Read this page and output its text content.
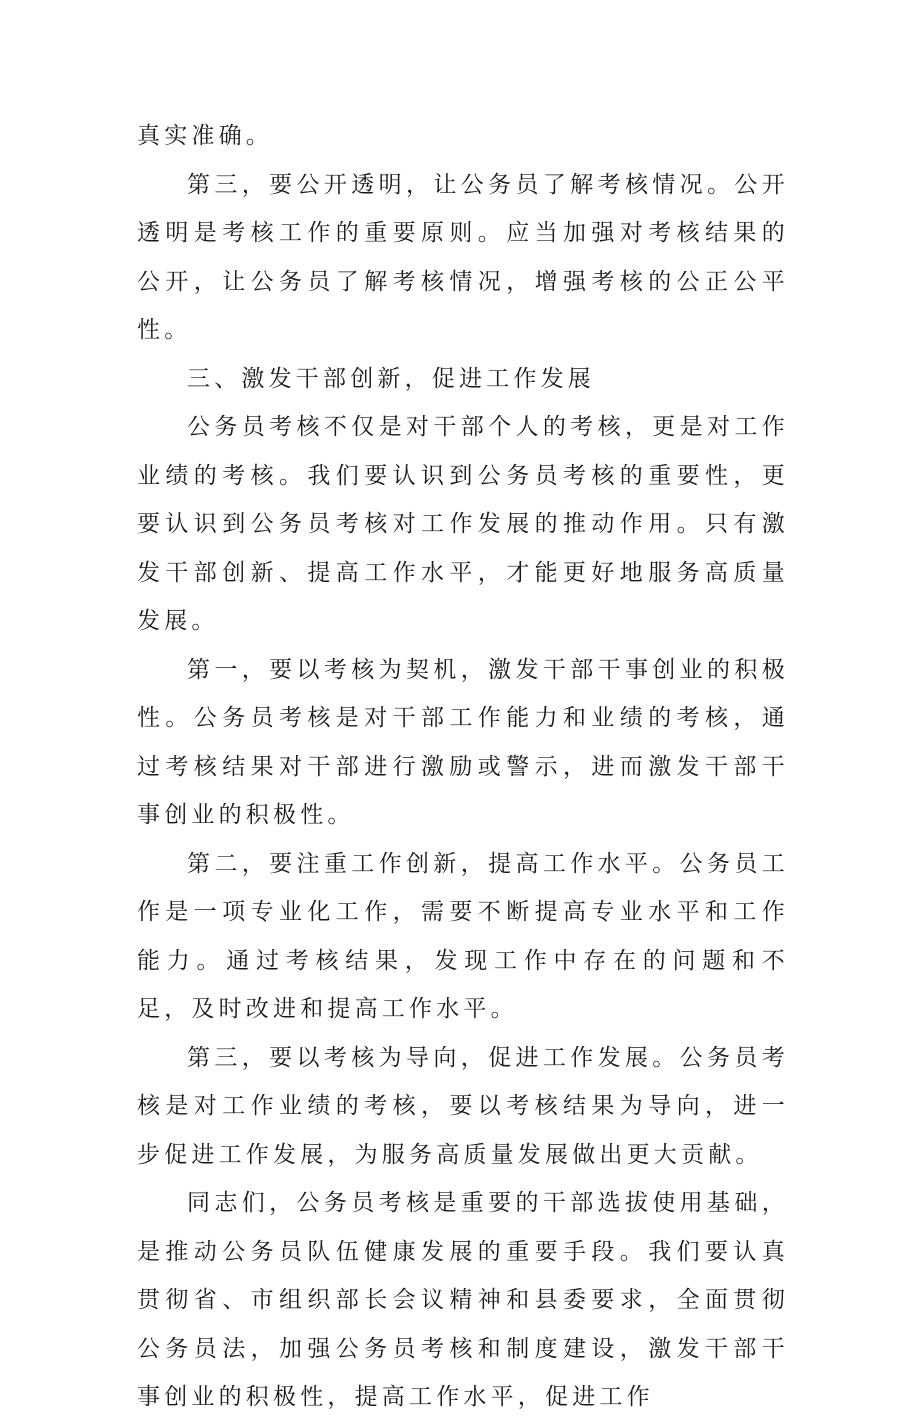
真实准确。

第三，要公开透明，让公务员了解考核情况。公开透明是考核工作的重要原则。应当加强对考核结果的公开，让公务员了解考核情况，增强考核的公正公平性。

三、激发干部创新，促进工作发展

公务员考核不仅是对干部个人的考核，更是对工作业绩的考核。我们要认识到公务员考核的重要性，更要认识到公务员考核对工作发展的推动作用。只有激发干部创新、提高工作水平，才能更好地服务高质量发展。

第一，要以考核为契机，激发干部干事创业的积极性。公务员考核是对干部工作能力和业绩的考核，通过考核结果对干部进行激励或警示，进而激发干部干事创业的积极性。

第二，要注重工作创新，提高工作水平。公务员工作是一项专业化工作，需要不断提高专业水平和工作能力。通过考核结果，发现工作中存在的问题和不足，及时改进和提高工作水平。

第三，要以考核为导向，促进工作发展。公务员考核是对工作业绩的考核，要以考核结果为导向，进一步促进工作发展，为服务高质量发展做出更大贡献。

同志们，公务员考核是重要的干部选拔使用基础，是推动公务员队伍健康发展的重要手段。我们要认真贯彻省、市组织部长会议精神和县委要求，全面贯彻公务员法，加强公务员考核和制度建设，激发干部干事创业的积极性，提高工作水平，促进工作
